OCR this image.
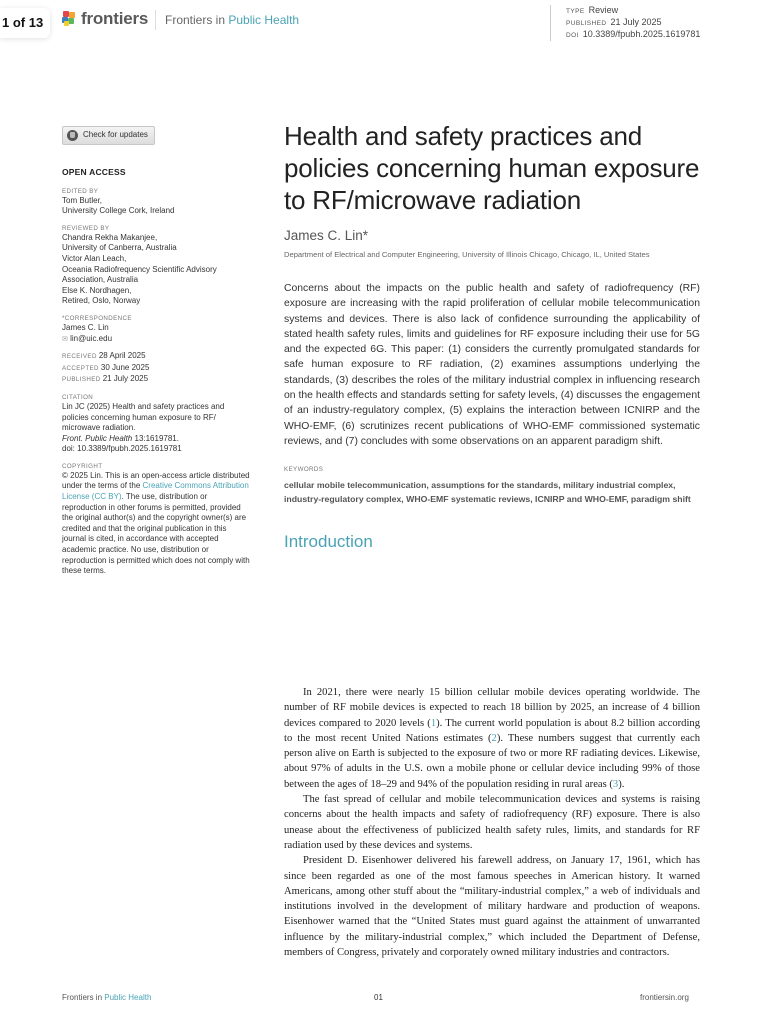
1 of 13	frontiers Frontiers in Public Health
TYPE Review
PUBLISHED 21 July 2025
DOI 10.3389/fpubh.2025.1619781
Check for updates
OPEN ACCESS
EDITED BY

Tom Butler,

University College Cork, Ireland

REVIEWED BY

Chandra Rekha Makanjee,

University of Canberra, Australia

Victor Alan Leach,

Oceania Radiofrequency Scientific Advisory Association, Australia

Else K. Nordhagen,

Retired, Oslo, Norway

*CORRESPONDENCE

James C. Lin

✉ lin@uic.edu

RECEIVED 28 April 2025

ACCEPTED 30 June 2025

PUBLISHED 21 July 2025

CITATION

Lin JC (2025) Health and safety practices and policies concerning human exposure to RF/ microwave radiation.

Front. Public Health 13:1619781.

doi: 10.3389/fpubh.2025.1619781

COPYRIGHT

© 2025 Lin. This is an open-access article distributed under the terms of the Creative Commons Attribution License (CC BY). The use, distribution or reproduction in other forums is permitted, provided the original author(s) and the copyright owner(s) are credited and that the original publication in this journal is cited, in accordance with accepted academic practice. No use, distribution or reproduction is permitted which does not comply with these terms.

Health and safety practices and policies concerning human exposure to RF/microwave radiation
James C. Lin*
Department of Electrical and Computer Engineering, University of Illinois Chicago, Chicago, IL, United States
Concerns about the impacts on the public health and safety of radiofrequency (RF) exposure are increasing with the rapid proliferation of cellular mobile telecommunication systems and devices. There is also lack of confidence surrounding the applicability of stated health safety rules, limits and guidelines for RF exposure including their use for 5G and the expected 6G. This paper: (1) considers the currently promulgated standards for safe human exposure to RF radiation, (2) examines assumptions underlying the standards, (3) describes the roles of the military industrial complex in influencing research on the health effects and standards setting for safety levels, (4) discusses the engagement of an industry-regulatory complex, (5) explains the interaction between ICNIRP and the WHO-EMF, (6) scrutinizes recent publications of WHO-EMF commissioned systematic reviews, and (7) concludes with some observations on an apparent paradigm shift.
KEYWORDS
cellular mobile telecommunication, assumptions for the standards, military industrial complex, industry-regulatory complex, WHO-EMF systematic reviews, ICNIRP and WHO-EMF, paradigm shift
Introduction

In 2021, there were nearly 15 billion cellular mobile devices operating worldwide. The number of RF mobile devices is expected to reach 18 billion by 2025, an increase of 4 billion devices compared to 2020 levels (1). The current world population is about 8.2 billion according to the most recent United Nations estimates (2). These numbers suggest that currently each person alive on Earth is subjected to the exposure of two or more RF radiating devices. Likewise, about 97% of adults in the U.S. own a mobile phone or cellular device including 99% of those between the ages of 18–29 and 94% of the population residing in rural areas (3).

The fast spread of cellular and mobile telecommunication devices and systems is raising concerns about the health impacts and safety of radiofrequency (RF) exposure. There is also unease about the effectiveness of publicized health safety rules, limits, and standards for RF radiation used by these devices and systems.

President D. Eisenhower delivered his farewell address, on January 17, 1961, which has since been regarded as one of the most famous speeches in American history. It warned Americans, among other stuff about the “military-industrial complex,” a web of individuals and institutions involved in the development of military hardware and production of weapons. Eisenhower warned that the “United States must guard against the attainment of unwarranted influence by the military-industrial complex,” which included the Department of Defense, members of Congress, privately and corporately owned military industries and contractors.

Frontiers in Public Health	01	frontiersin.org
